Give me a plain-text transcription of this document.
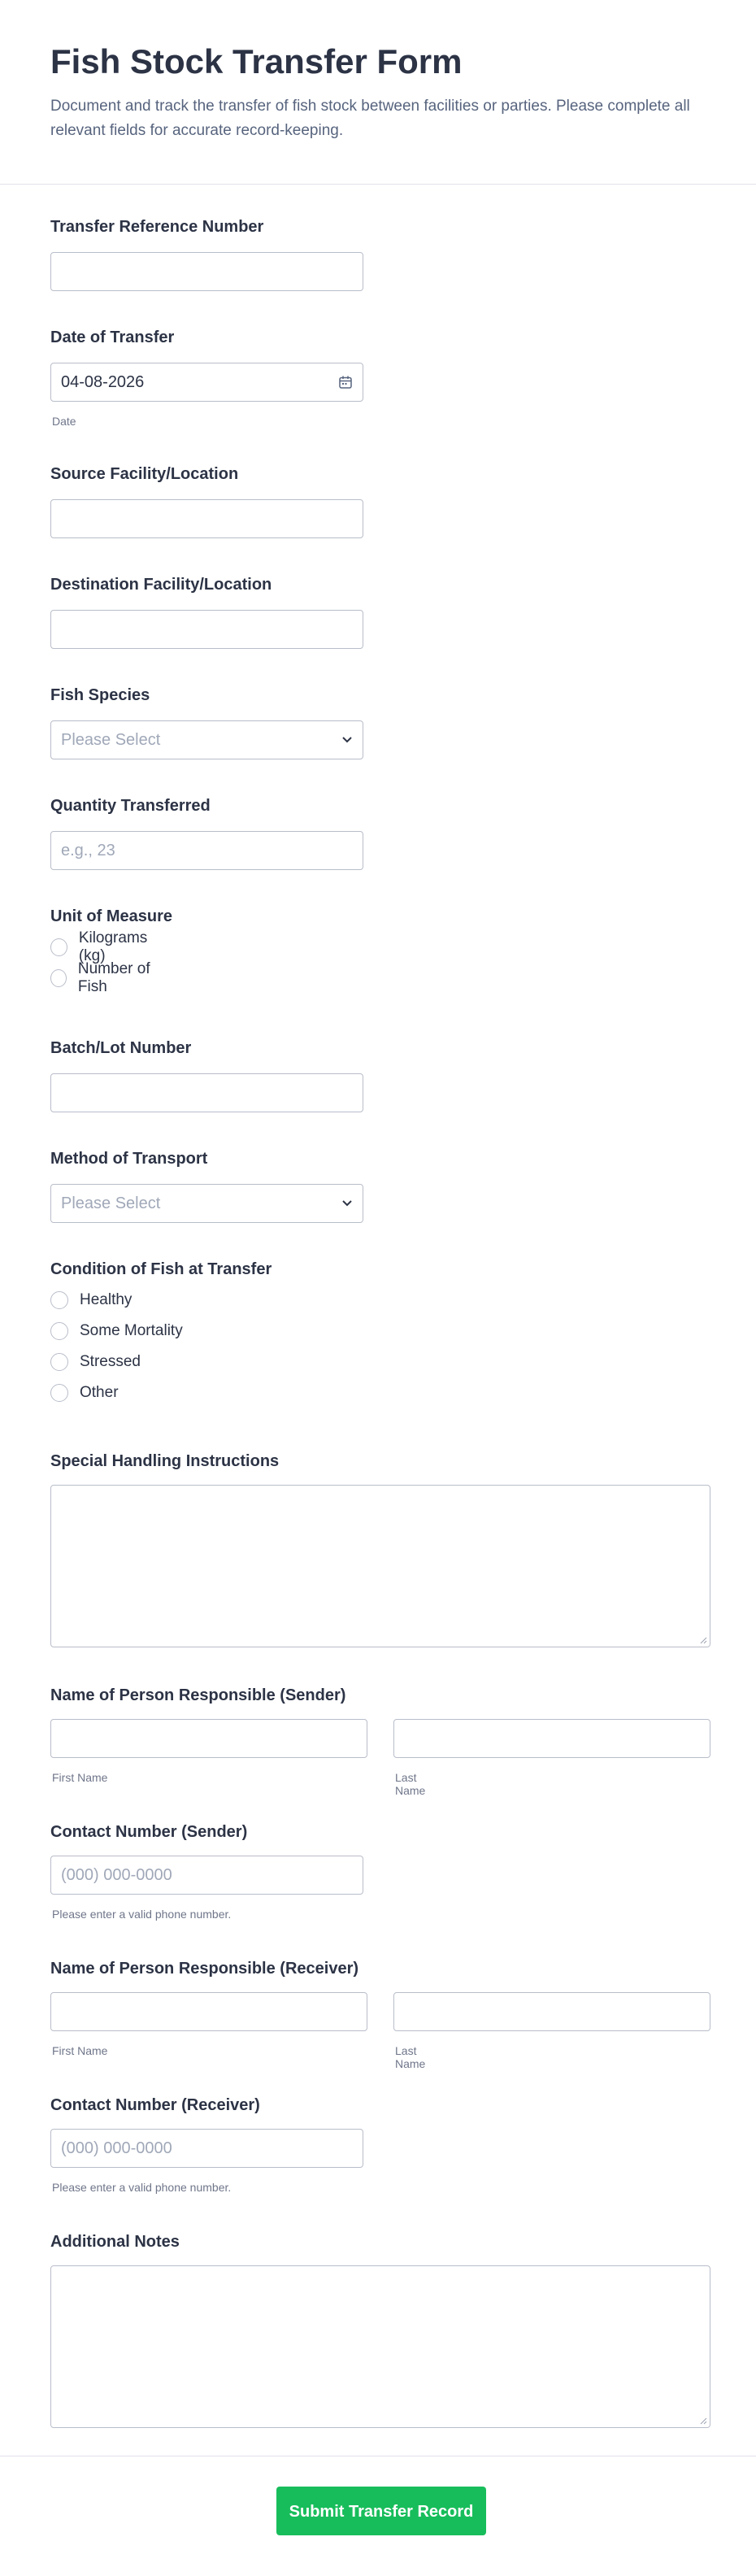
Fish Stock Transfer Form

Document and track the transfer of fish stock between facilities or parties. Please complete all relevant fields for accurate record-keeping.

Transfer Reference Number
Date of Transfer
04-08-2026
Date
Source Facility/Location
Destination Facility/Location
Fish Species
Please Select
Quantity Transferred
e.g., 23
Unit of Measure
Kilograms (kg)
Number of Fish
Batch/Lot Number
Method of Transport
Please Select
Condition of Fish at Transfer
Healthy
Some Mortality
Stressed
Other
Special Handling Instructions
Name of Person Responsible (Sender)
First Name	Last Name
Contact Number (Sender)
(000) 000-0000
Please enter a valid phone number.
Name of Person Responsible (Receiver)
First Name	Last Name
Contact Number (Receiver)
(000) 000-0000
Please enter a valid phone number.
Additional Notes
Submit Transfer Record
